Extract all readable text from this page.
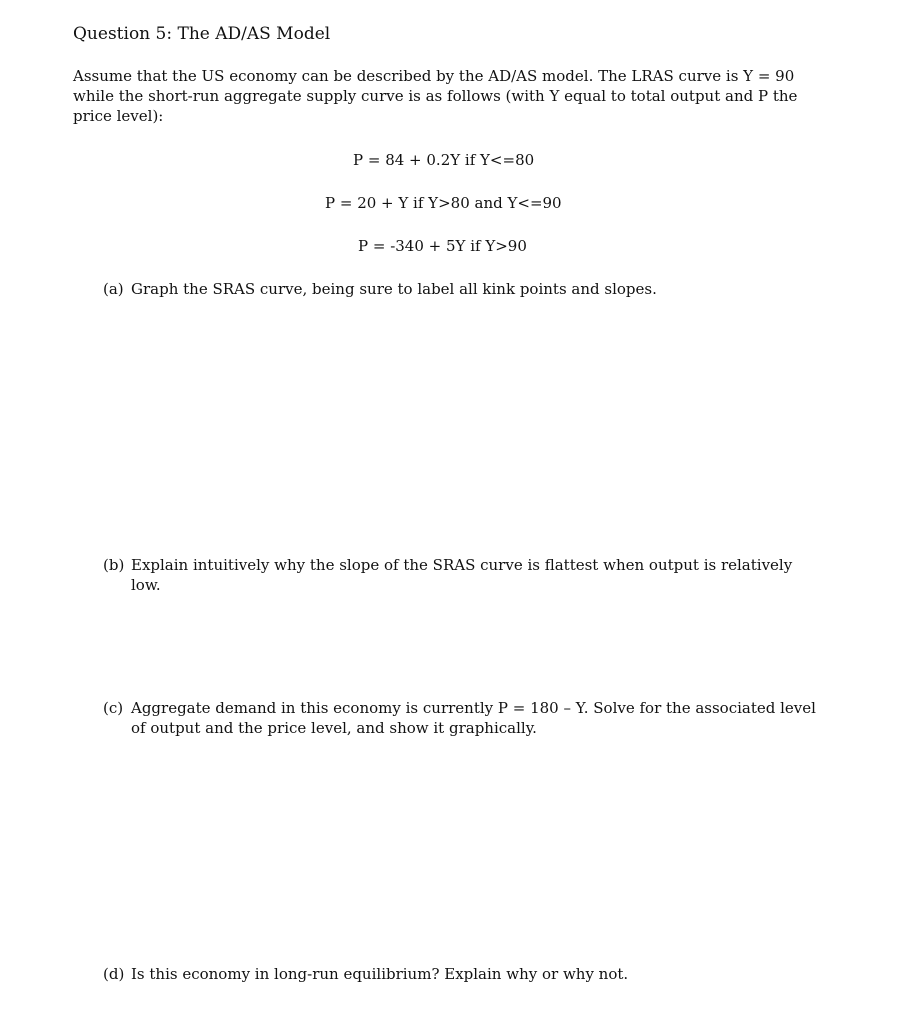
Question 5: The AD/AS Model

Assume that the US economy can be described by the AD/AS model. The LRAS curve is Y = 90 while the short-run aggregate supply curve is as follows (with Y equal to total output and P the price level):

P = 84 + 0.2Y if Y<=80
P = 20 + Y if Y>80 and Y<=90
P = -340 + 5Y if Y>90
(a) Graph the SRAS curve, being sure to label all kink points and slopes.
(b) Explain intuitively why the slope of the SRAS curve is flattest when output is relatively low.
(c) Aggregate demand in this economy is currently P = 180 – Y. Solve for the associated level of output and the price level, and show it graphically.
(d) Is this economy in long-run equilibrium? Explain why or why not.
